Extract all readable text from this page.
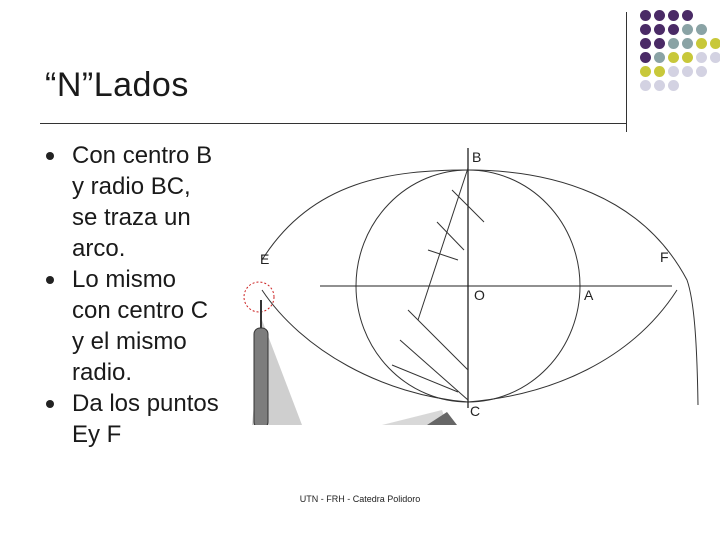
“N”Lados
Con centro B
y radio BC,
se traza un
arco.
Lo mismo
con centro C
y el mismo
radio.
Da los puntos
Ey F
B
E	F
O	A
C
UTN - FRH - Catedra Polidoro
